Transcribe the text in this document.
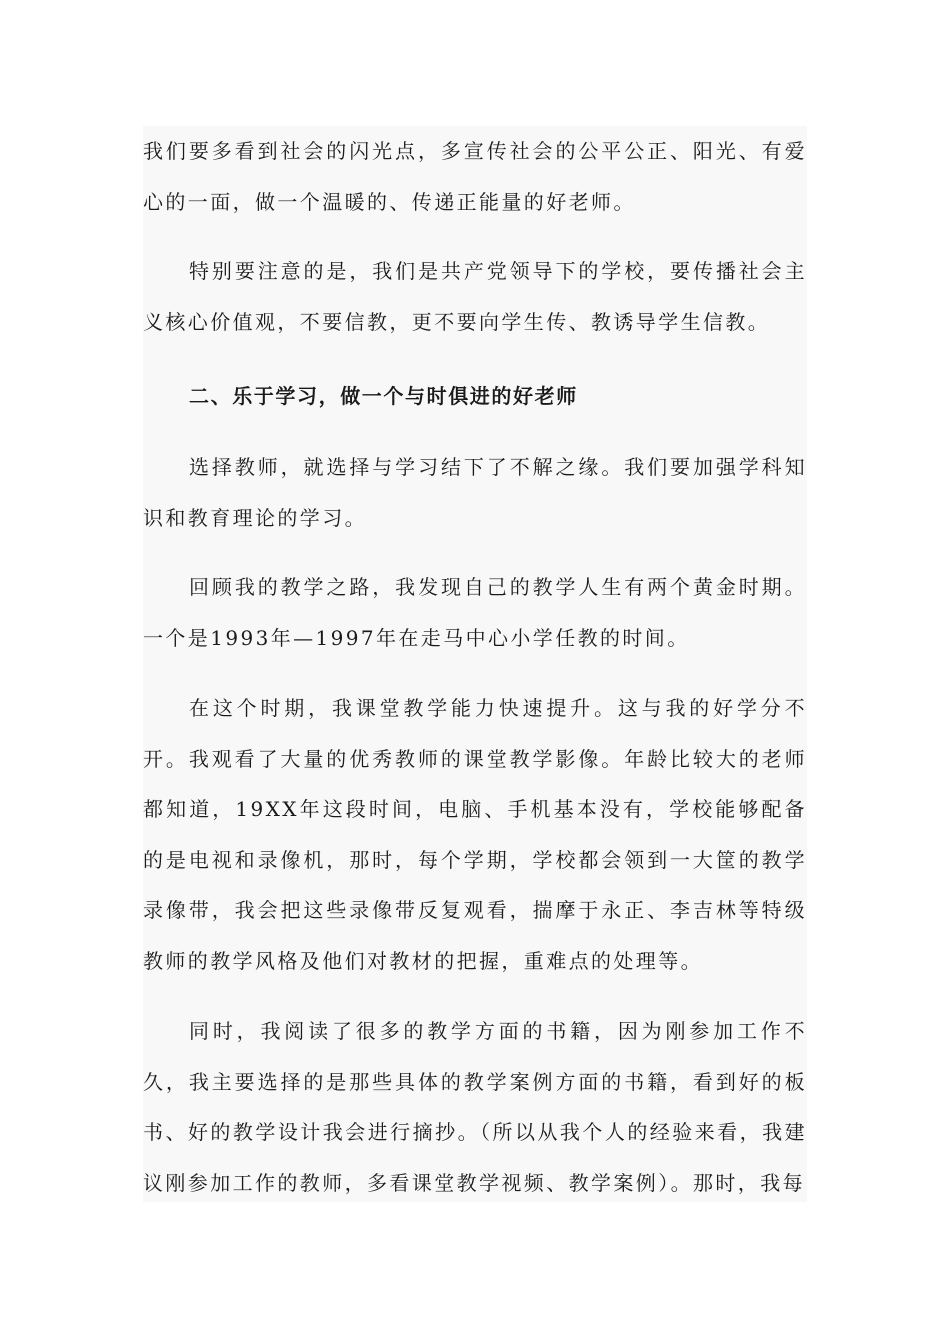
我们要多看到社会的闪光点，多宣传社会的公平公正、阳光、有爱心的一面，做一个温暖的、传递正能量的好老师。

特别要注意的是，我们是共产党领导下的学校，要传播社会主义核心价值观，不要信教，更不要向学生传、教诱导学生信教。

二、乐于学习，做一个与时俱进的好老师

选择教师，就选择与学习结下了不解之缘。我们要加强学科知识和教育理论的学习。

回顾我的教学之路，我发现自己的教学人生有两个黄金时期。一个是1993年—1997年在走马中心小学任教的时间。

在这个时期，我课堂教学能力快速提升。这与我的好学分不开。我观看了大量的优秀教师的课堂教学影像。年龄比较大的老师都知道，19XX年这段时间，电脑、手机基本没有，学校能够配备的是电视和录像机，那时，每个学期，学校都会领到一大筐的教学录像带，我会把这些录像带反复观看，揣摩于永正、李吉林等特级教师的教学风格及他们对教材的把握，重难点的处理等。

同时，我阅读了很多的教学方面的书籍，因为刚参加工作不久，我主要选择的是那些具体的教学案例方面的书籍，看到好的板书、好的教学设计我会进行摘抄。（所以从我个人的经验来看，我建议刚参加工作的教师，多看课堂教学视频、教学案例）。那时，我每
